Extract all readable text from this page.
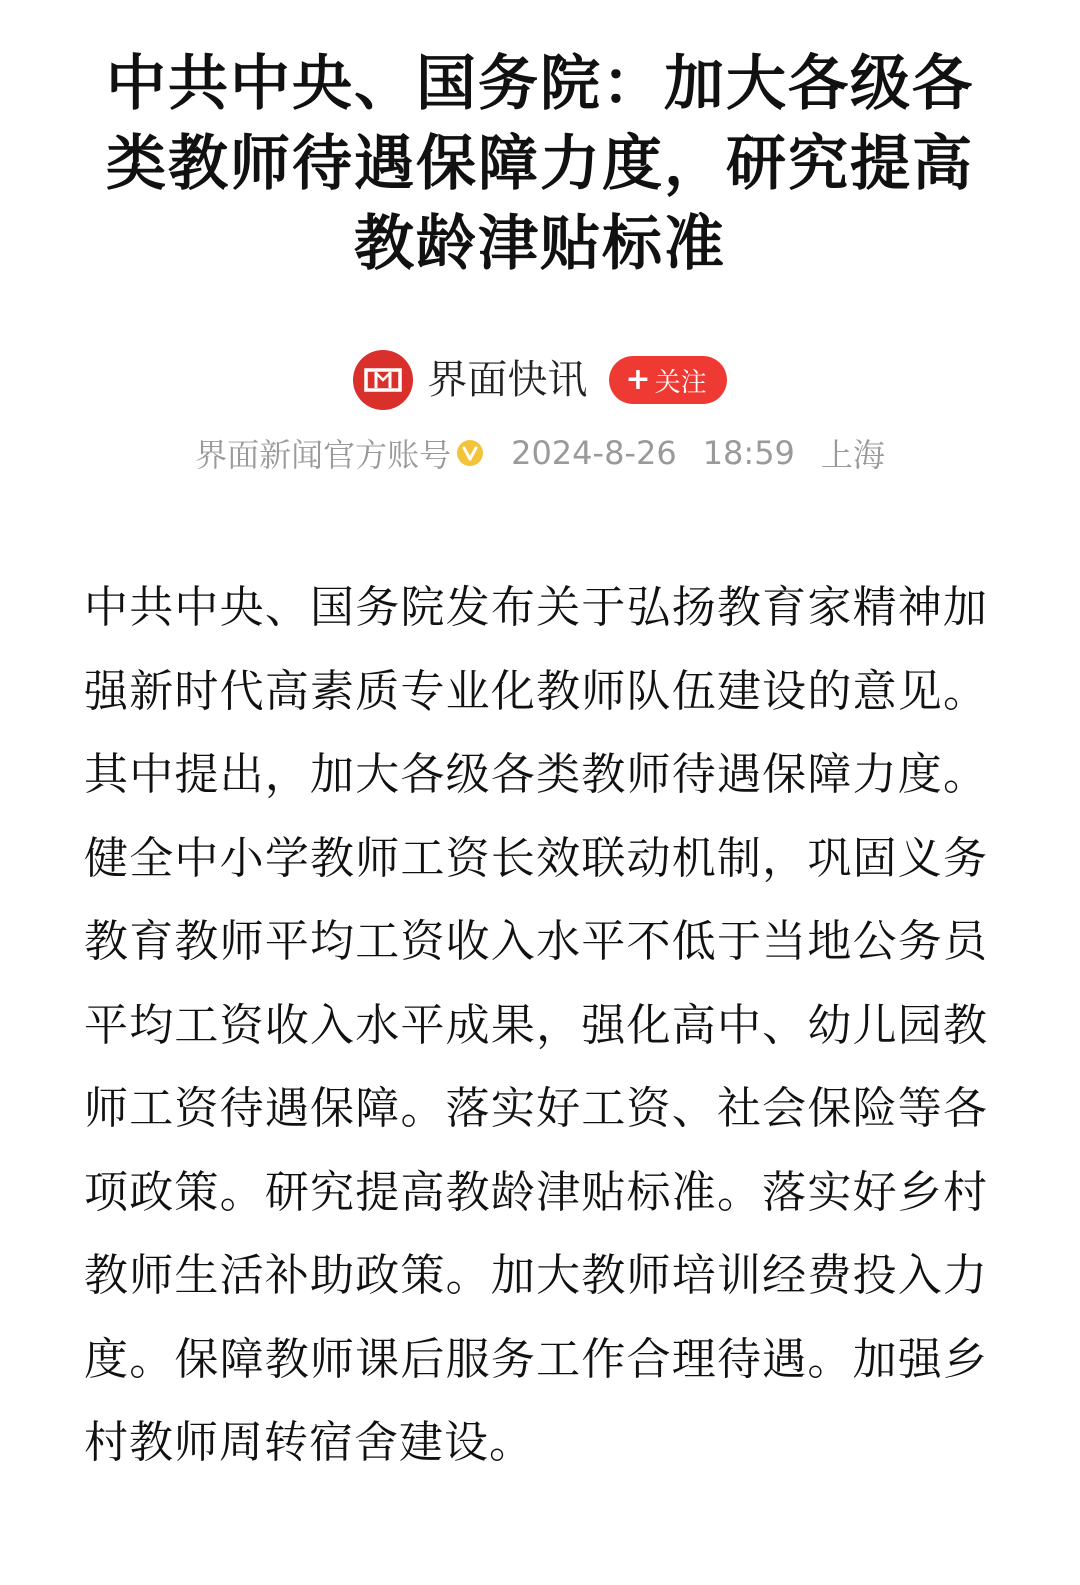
中共中央、国务院：加大各级各类教师待遇保障力度，研究提高教龄津贴标准
界面快讯 + 关注
界面新闻官方账号 2024-8-26 18:59 上海

中共中央、国务院发布关于弘扬教育家精神加强新时代高素质专业化教师队伍建设的意见。其中提出，加大各级各类教师待遇保障力度。健全中小学教师工资长效联动机制，巩固义务教育教师平均工资收入水平不低于当地公务员平均工资收入水平成果，强化高中、幼儿园教师工资待遇保障。落实好工资、社会保险等各项政策。研究提高教龄津贴标准。落实好乡村教师生活补助政策。加大教师培训经费投入力度。保障教师课后服务工作合理待遇。加强乡村教师周转宿舍建设。
